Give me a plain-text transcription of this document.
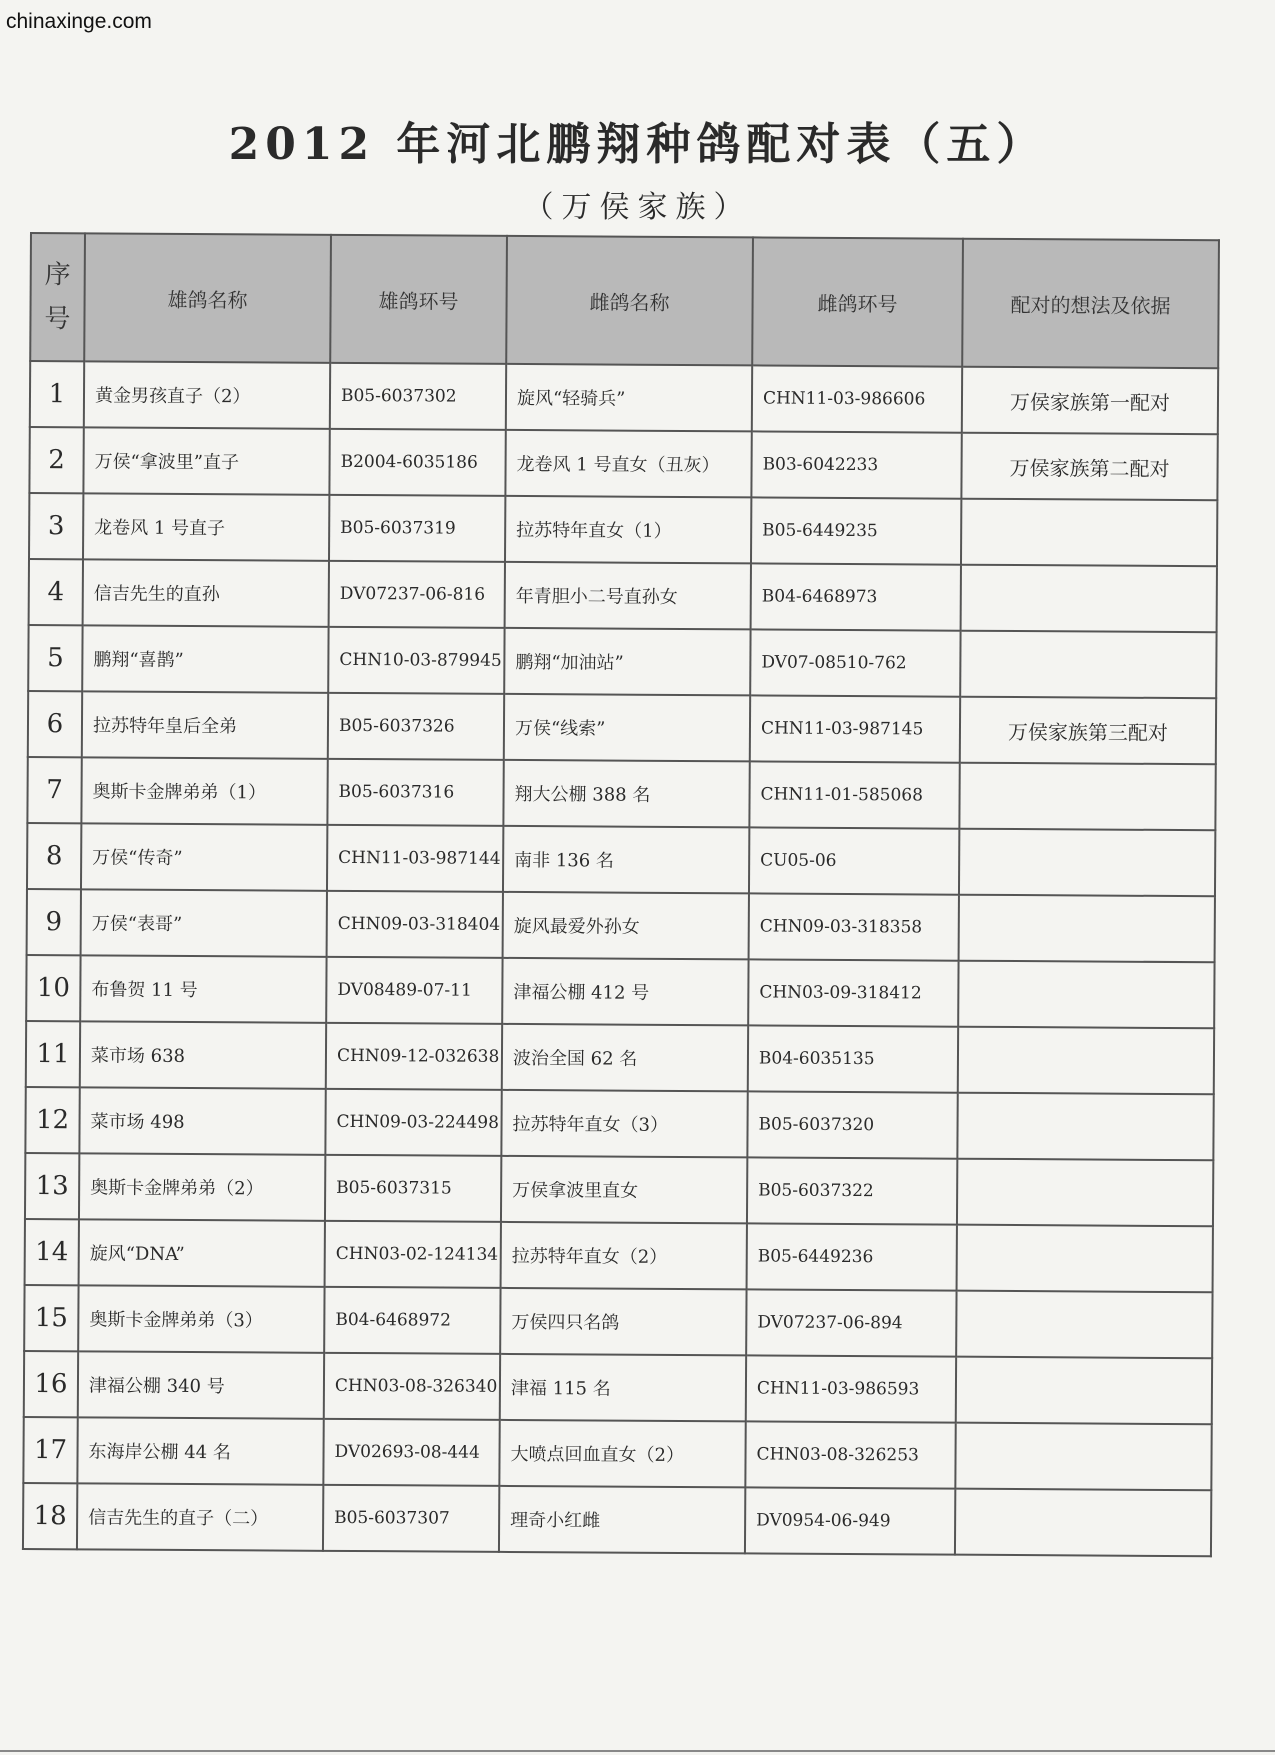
chinaxinge.com
2012 年河北鹏翔种鸽配对表（五）
（万侯家族）
序
号	雄鸽名称	雄鸽环号	雌鸽名称	雌鸽环号	配对的想法及依据
1	黄金男孩直子（2）	B05-6037302	旋风“轻骑兵”	CHN11-03-986606	万侯家族第一配对
2	万侯“拿波里”直子	B2004-6035186	龙卷风 1 号直女（丑灰）	B03-6042233	万侯家族第二配对
3	龙卷风 1 号直子	B05-6037319	拉苏特年直女（1）	B05-6449235	
4	信吉先生的直孙	DV07237-06-816	年青胆小二号直孙女	B04-6468973	
5	鹏翔“喜鹊”	CHN10-03-879945	鹏翔“加油站”	DV07-08510-762	
6	拉苏特年皇后全弟	B05-6037326	万侯“线索”	CHN11-03-987145	万侯家族第三配对
7	奥斯卡金牌弟弟（1）	B05-6037316	翔大公棚 388 名	CHN11-01-585068	
8	万侯“传奇”	CHN11-03-987144	南非 136 名	CU05-06	
9	万侯“表哥”	CHN09-03-318404	旋风最爱外孙女	CHN09-03-318358	
10	布鲁贺 11 号	DV08489-07-11	津福公棚 412 号	CHN03-09-318412	
11	菜市场 638	CHN09-12-032638	波治全国 62 名	B04-6035135	
12	菜市场 498	CHN09-03-224498	拉苏特年直女（3）	B05-6037320	
13	奥斯卡金牌弟弟（2）	B05-6037315	万侯拿波里直女	B05-6037322	
14	旋风“DNA”	CHN03-02-124134	拉苏特年直女（2）	B05-6449236	
15	奥斯卡金牌弟弟（3）	B04-6468972	万侯四只名鸽	DV07237-06-894	
16	津福公棚 340 号	CHN03-08-326340	津福 115 名	CHN11-03-986593	
17	东海岸公棚 44 名	DV02693-08-444	大喷点回血直女（2）	CHN03-08-326253	
18	信吉先生的直子（二）	B05-6037307	理奇小红雌	DV0954-06-949	
